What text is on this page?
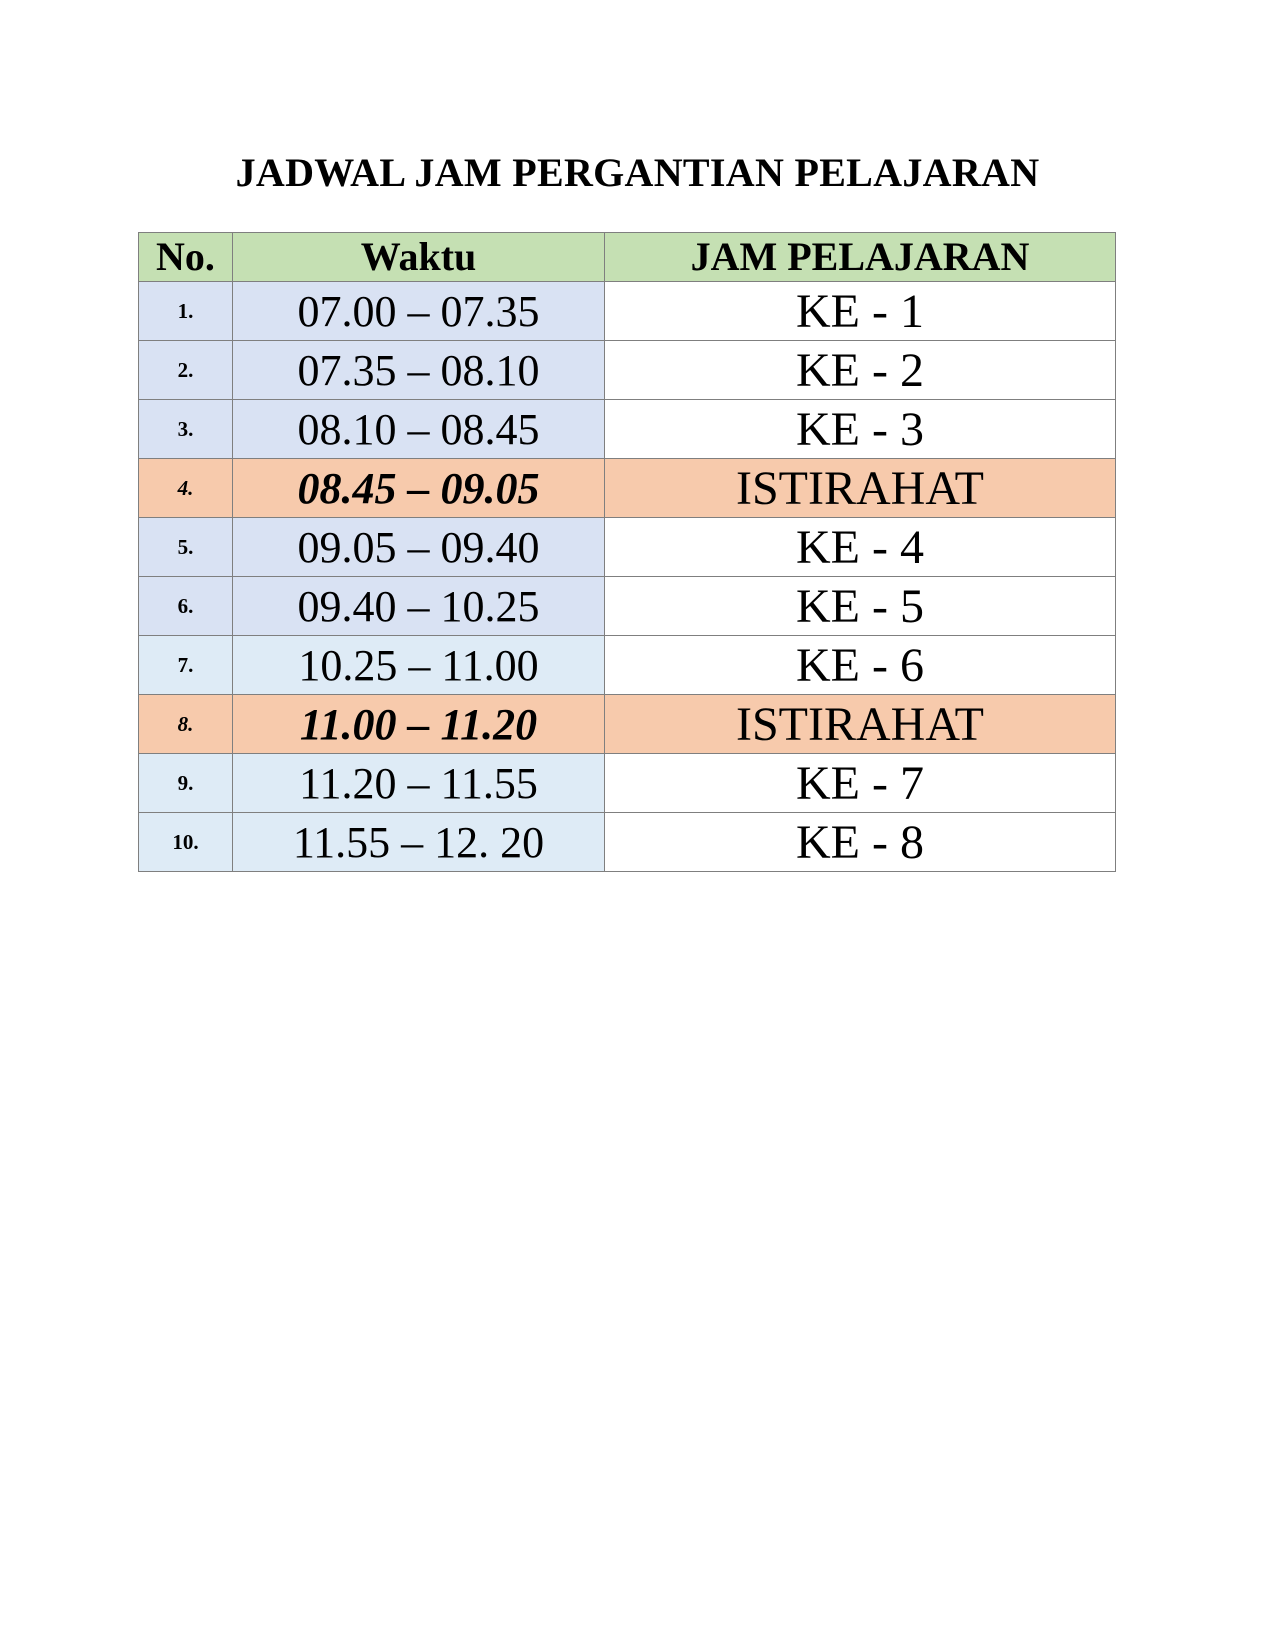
JADWAL JAM PERGANTIAN PELAJARAN
No.	Waktu	JAM PELAJARAN
1.	07.00 – 07.35	KE - 1
2.	07.35 – 08.10	KE - 2
3.	08.10 – 08.45	KE - 3
4.	08.45 – 09.05	ISTIRAHAT
5.	09.05 – 09.40	KE - 4
6.	09.40 – 10.25	KE - 5
7.	10.25 – 11.00	KE - 6
8.	11.00 – 11.20	ISTIRAHAT
9.	11.20 – 11.55	KE - 7
10.	11.55 – 12. 20	KE - 8
